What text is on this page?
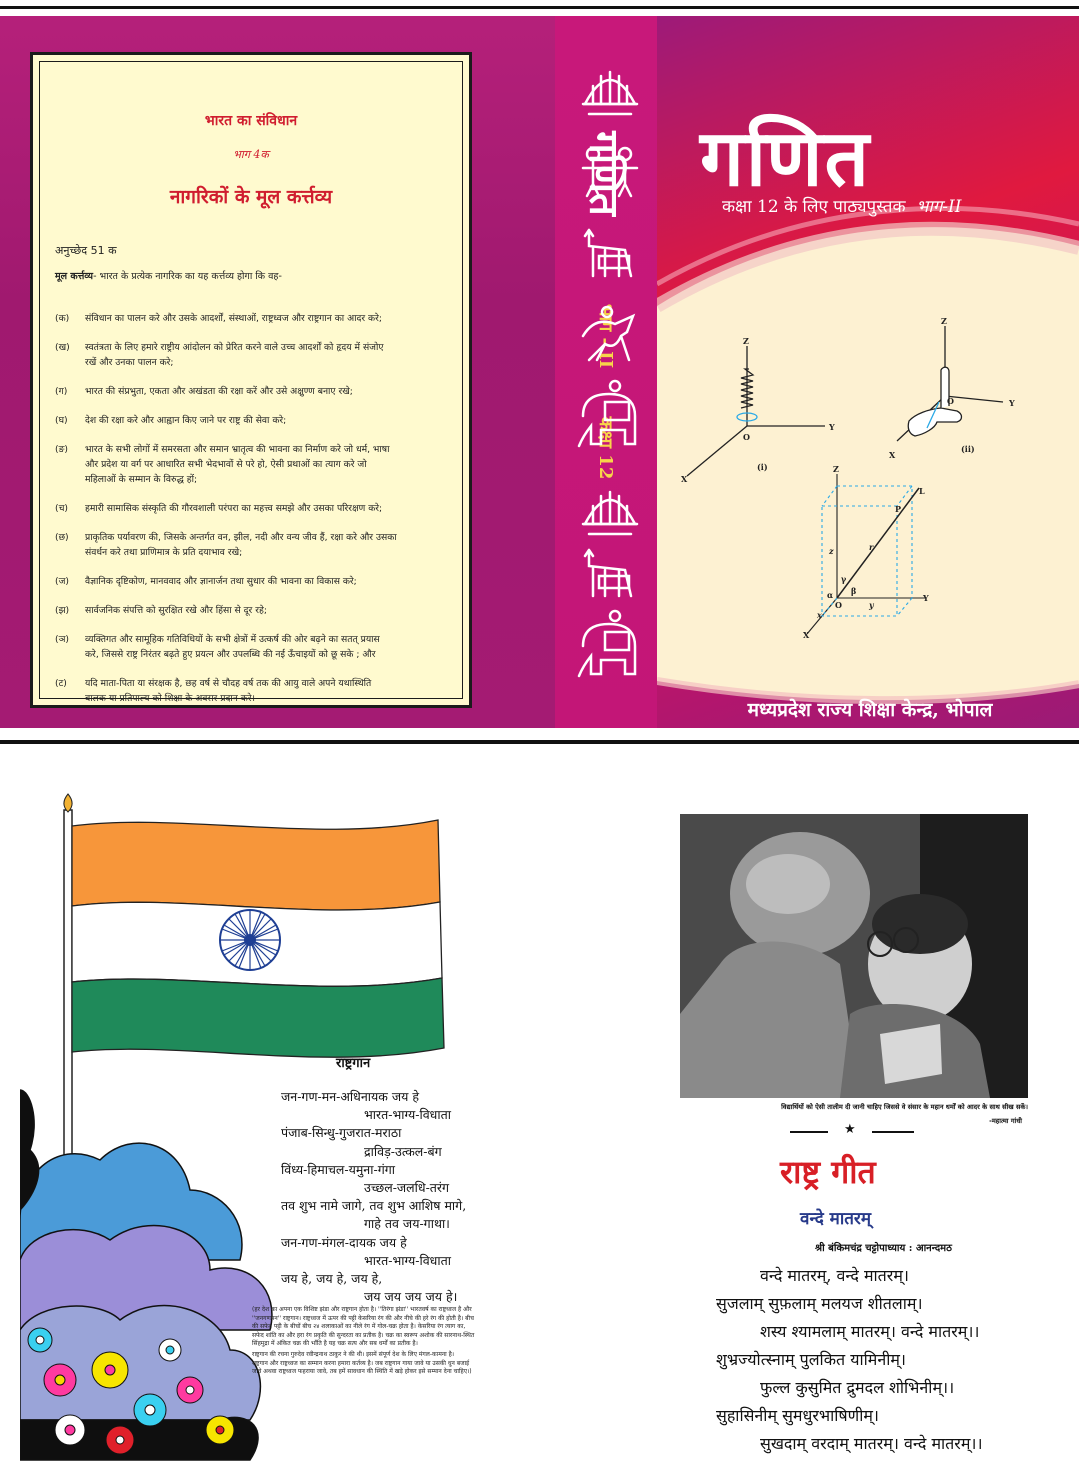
भारत का संविधान
भाग 4क
नागरिकों के मूल कर्त्तव्य
अनुच्छेद 51 क
मूल कर्त्तव्य- भारत के प्रत्येक नागरिक का यह कर्त्तव्य होगा कि वह-
(क)	संविधान का पालन करे और उसके आदर्शों, संस्थाओं, राष्ट्रध्वज और राष्ट्रगान का आदर करे;
(ख)	स्वतंत्रता के लिए हमारे राष्ट्रीय आंदोलन को प्रेरित करने वाले उच्च आदर्शों को हृदय में संजोए
रखें और उनका पालन करे;
(ग)	भारत की संप्रभुता, एकता और अखंडता की रक्षा करें और उसे अक्षुण्ण बनाए रखे;
(घ)	देश की रक्षा करे और आह्वान किए जाने पर राष्ट्र की सेवा करे;
(ङ)	भारत के सभी लोगों में समरसता और समान भ्रातृत्व की भावना का निर्माण करे जो धर्म, भाषा
और प्रदेश या वर्ग पर आधारित सभी भेदभावों से परे हो, ऐसी प्रथाओं का त्याग करे जो
महिलाओं के सम्मान के विरुद्ध हों;
(च)	हमारी सामासिक संस्कृति की गौरवशाली परंपरा का महत्त्व समझे और उसका परिरक्षण करे;
(छ)	प्राकृतिक पर्यावरण की, जिसके अन्तर्गत वन, झील, नदी और वन्य जीव हैं, रक्षा करे और उसका
संवर्धन करे तथा प्राणिमात्र के प्रति दयाभाव रखे;
(ज)	वैज्ञानिक दृष्टिकोण, मानववाद और ज्ञानार्जन तथा सुधार की भावना का विकास करे;
(झ)	सार्वजनिक संपत्ति को सुरक्षित रखे और हिंसा से दूर रहे;
(ञ)	व्यक्तिगत और सामूहिक गतिविधियों के सभी क्षेत्रों में उत्कर्ष की ओर बढ़ने का सतत् प्रयास
करे, जिससे राष्ट्र निरंतर बढ़ते हुए प्रयत्न और उपलब्धि की नई ऊँचाइयों को छू सके ; और
(ट)	यदि माता-पिता या संरक्षक है, छह वर्ष से चौदह वर्ष तक की आयु वाले अपने यथास्थिति
बालक या प्रतिपाल्य को शिक्षा के अवसर प्रदान करे।
गणित
भाग - II
कक्षा 12
गणित
कक्षा 12 के लिए पाठ्यपुस्तक भाग-II
Z
Y
X
O
(i)
Z
Y
X
O
(ii)
Z
Y
X
O
L
P
r
z
y
x
α β
γ
मध्यप्रदेश राज्य शिक्षा केन्द्र, भोपाल
राष्ट्रगान
जन-गण-मन-अधिनायक जय हे
भारत-भाग्य-विधाता
पंजाब-सिन्धु-गुजरात-मराठा
द्राविड़-उत्कल-बंग
विंध्य-हिमाचल-यमुना-गंगा
उच्छल-जलधि-तरंग
तव शुभ नामे जागे, तव शुभ आशिष मागे,
गाहे तव जय-गाथा।
जन-गण-मंगल-दायक जय हे
भारत-भाग्य-विधाता
जय हे, जय हे, जय हे,
जय जय जय जय हे।
(हर देश का अपना एक विशिष्ट झंडा और राष्ट्रगान होता है। ''तिरंगा झंडा'' भारतवर्ष का राष्ट्रध्वज है और
''जनगणमन'' राष्ट्रगान। राष्ट्रध्वज में ऊपर की पट्टी केसरिया रंग की और नीचे की हरे रंग की होती है। बीच
की सफेद पट्टी के बीचों बीच २४ शलाकाओं का नीले रंग में गोल-चक्र होता है। केसरिया रंग त्याग का,
सफेद शांति का और हरा रंग प्रकृति की सुन्दरता का प्रतीक है। चक्र का स्वरूप अशोक की सारनाथ-स्थित
सिंहमुद्रा में अंकित चक्र की भाँति है यह चक्र सत्य और सब धर्मों का प्रतीक है।
राष्ट्रगान की रचना गुरुदेव रवीन्द्रनाथ ठाकुर ने की थी। इसमें संपूर्ण देश के लिए मंगल-कामना है।
राष्ट्रगान और राष्ट्रध्वज का सम्मान करना हमारा कर्तव्य है। जब राष्ट्रगान गाया जावे या उसकी धुन बजाई
जावे अथवा राष्ट्रध्वज फहराया जावे, तब हमें सावधान की स्थिति में खड़े होकर इसे सम्मान देना चाहिए।)
विद्यार्थियों को ऐसी तालीम दी जानी चाहिए जिससे वे संसार के महान धर्मों को आदर के साथ सीख सकें।
-महात्मा गांधी
★
राष्ट्र गीत
वन्दे मातरम्
श्री बंकिमचंद्र चट्टोपाध्याय : आनन्दमठ
वन्दे मातरम्, वन्दे मातरम्।
सुजलाम् सुफ़लाम् मलयज शीतलाम्।
शस्य श्यामलाम् मातरम्। वन्दे मातरम्।।
शुभ्रज्योत्स्नाम् पुलकित यामिनीम्।
फुल्ल कुसुमित द्रुमदल शोभिनीम्।।
सुहासिनीम् सुमधुरभाषिणीम्।
सुखदाम् वरदाम् मातरम्। वन्दे मातरम्।।
